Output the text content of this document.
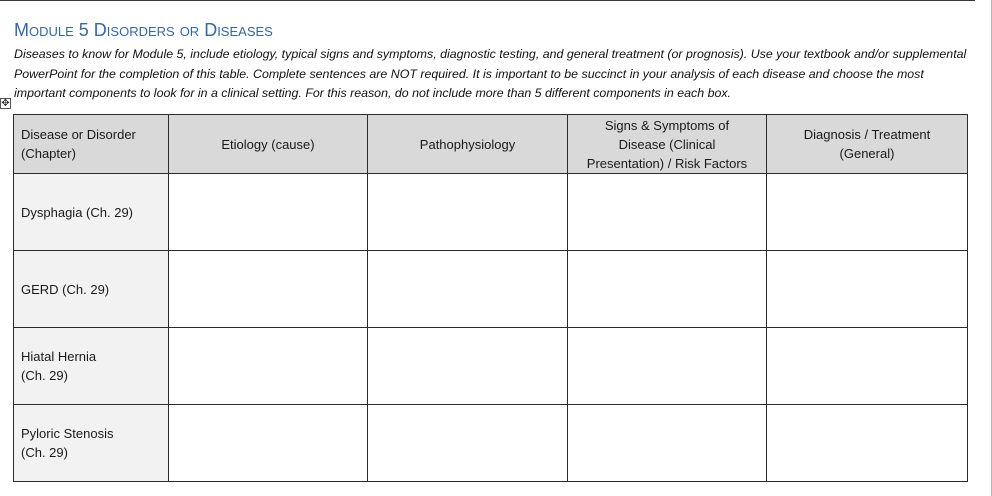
Module 5 Disorders or Diseases

Diseases to know for Module 5, include etiology, typical signs and symptoms, diagnostic testing, and general treatment (or prognosis). Use your textbook and/or supplemental PowerPoint for the completion of this table. Complete sentences are NOT required. It is important to be succinct in your analysis of each disease and choose the most important components to look for in a clinical setting. For this reason, do not include more than 5 different components in each box.

✥
Disease or Disorder
(Chapter)	Etiology (cause)	Pathophysiology	Signs & Symptoms of
Disease (Clinical
Presentation) / Risk Factors	Diagnosis / Treatment
(General)

Dysphagia (Ch. 29)				

GERD (Ch. 29)				

Hiatal Hernia
(Ch. 29)				

Pyloric Stenosis
(Ch. 29)				
